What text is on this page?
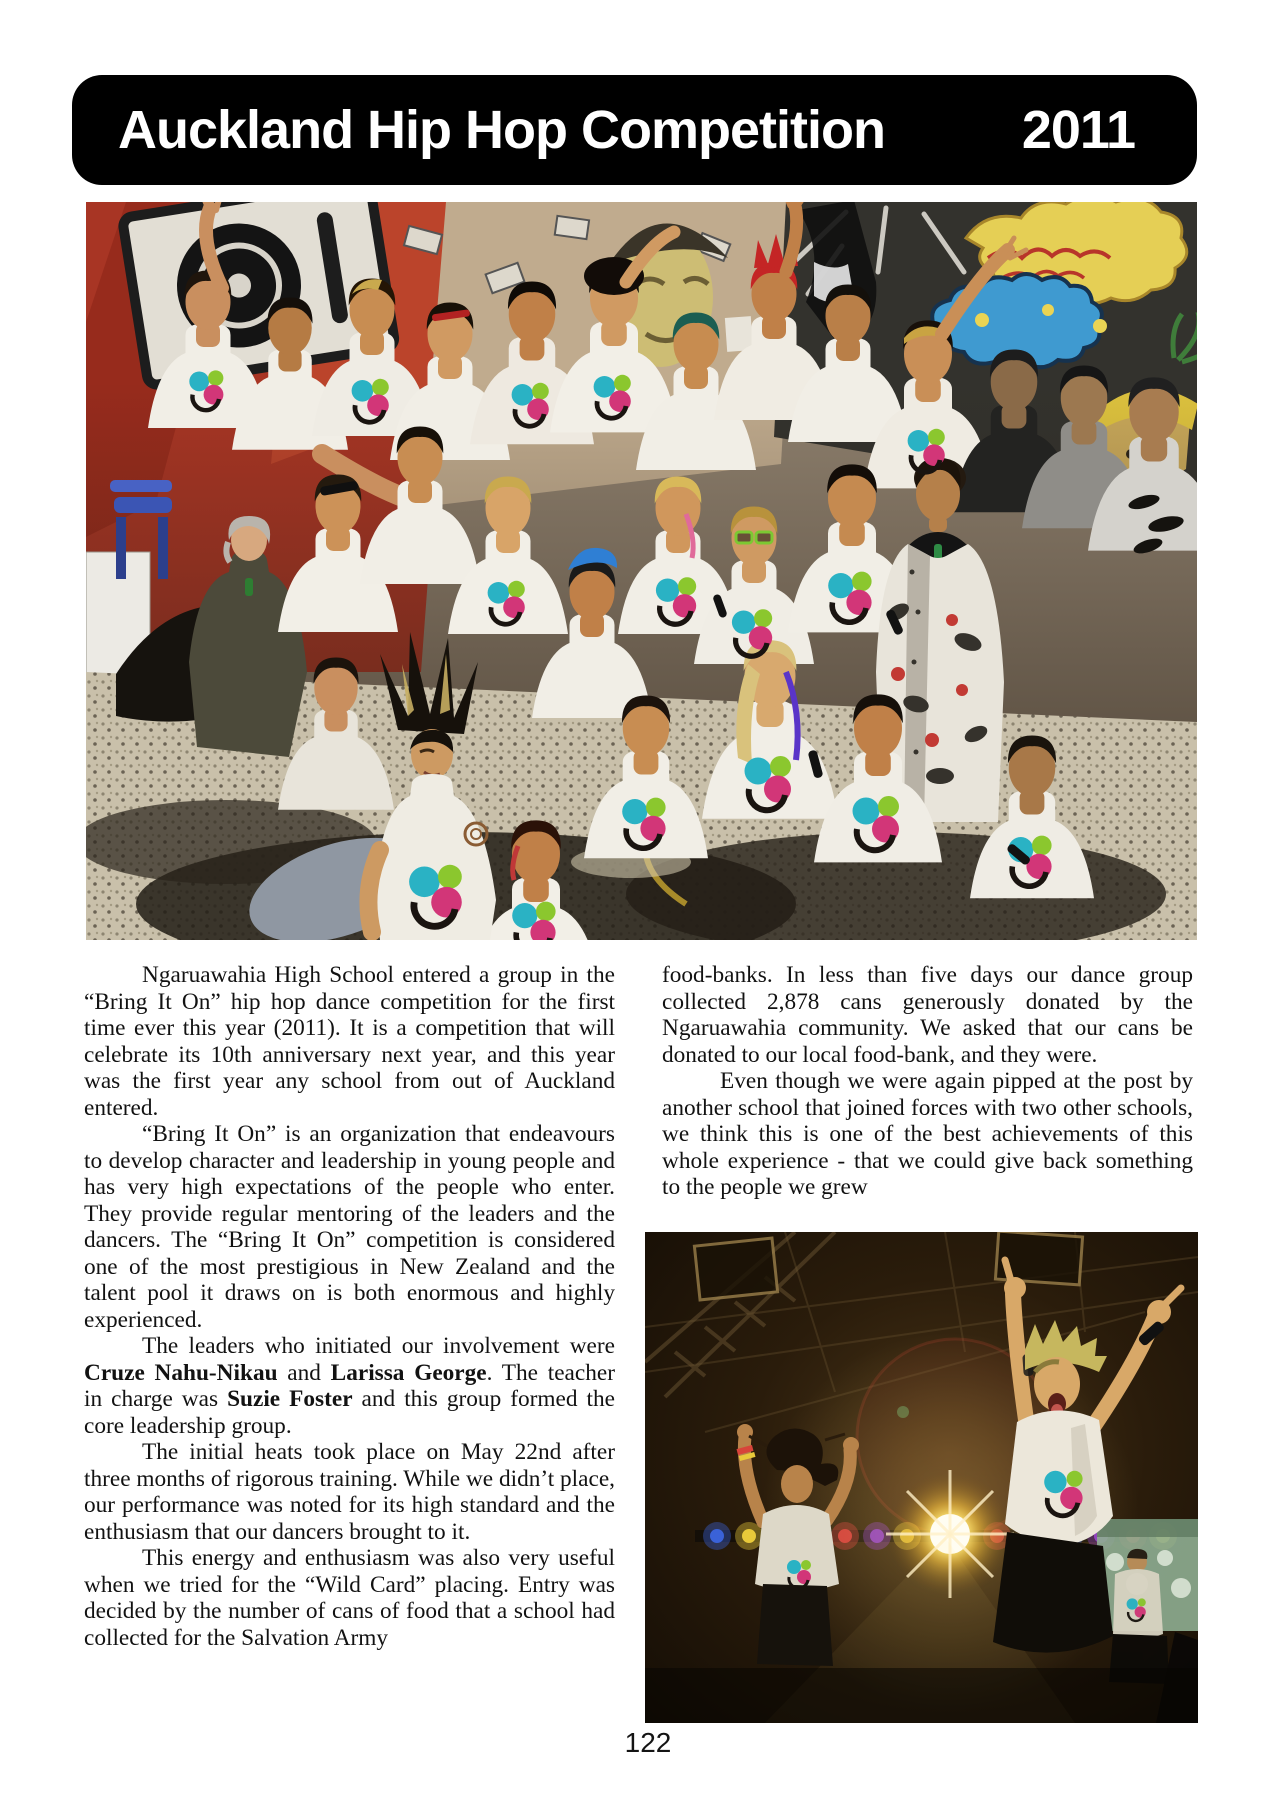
Auckland Hip Hop Competition	2011

Ngaruawahia High School entered a group in the “Bring It On” hip hop dance competition for the first time ever this year (2011). It is a competition that will celebrate its 10th anniversary next year, and this year was the first year any school from out of Auckland entered.

“Bring It On” is an organization that endeavours to develop character and leadership in young people and has very high expectations of the people who enter. They provide regular mentoring of the leaders and the dancers. The “Bring It On” competition is considered one of the most prestigious in New Zealand and the talent pool it draws on is both enormous and highly experienced.

The leaders who initiated our involvement were Cruze Nahu-Nikau and Larissa George. The teacher in charge was Suzie Foster and this group formed the core leadership group.

The initial heats took place on May 22nd after three months of rigorous training. While we didn’t place, our performance was noted for its high standard and the enthusiasm that our dancers brought to it.

This energy and enthusiasm was also very useful when we tried for the “Wild Card” placing. Entry was decided by the number of cans of food that a school had collected for the Salvation Army

food-banks. In less than five days our dance group collected 2,878 cans generously donated by the Ngaruawahia community. We asked that our cans be donated to our local food-bank, and they were.

Even though we were again pipped at the post by another school that joined forces with two other schools, we think this is one of the best achievements of this whole experience - that we could give back something to the people we grew

122
